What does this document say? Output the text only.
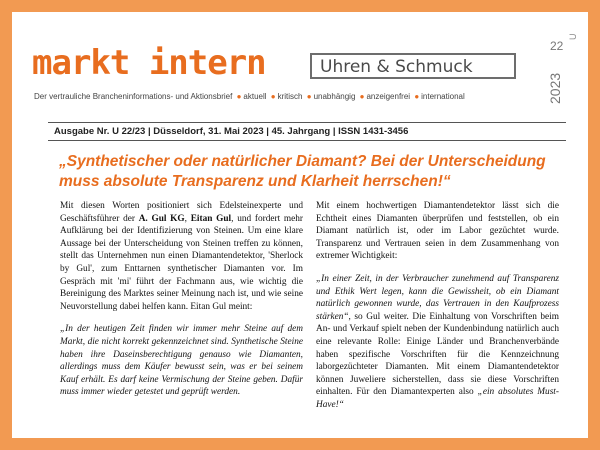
markt intern	Uhren & Schmuck
U
22
2023
Der vertrauliche Brancheninformations- und Aktionsbrief ● aktuell ● kritisch ● unabhängig ● anzeigenfrei ● international
Ausgabe Nr. U 22/23 | Düsseldorf, 31. Mai 2023 | 45. Jahrgang | ISSN 1431-3456
„Synthetischer oder natürlicher Diamant? Bei der Unterscheidung muss absolute Transparenz und Klarheit herrschen!“

Mit diesen Worten positioniert sich Edelsteinexperte und Geschäftsführer der A. Gul KG, Eitan Gul, und fordert mehr Aufklärung bei der Identifizierung von Steinen. Um eine klare Aussage bei der Unterscheidung von Steinen treffen zu können, stellt das Unternehmen nun einen Diamantendetektor, 'Sherlock by Gul', zum Enttarnen synthetischer Diamanten vor. Im Gespräch mit 'mi' führt der Fachmann aus, wie wichtig die Bereinigung des Marktes seiner Meinung nach ist, und wie seine Neuvorstellung dabei helfen kann. Eitan Gul meint:

„In der heutigen Zeit finden wir immer mehr Steine auf dem Markt, die nicht korrekt gekennzeichnet sind. Synthetische Steine haben ihre Daseinsberechtigung genauso wie Diamanten, allerdings muss dem Käufer bewusst sein, was er bei seinem Kauf erhält. Es darf keine Vermischung der Steine geben. Dafür muss immer wieder getestet und geprüft werden.

Mit einem hochwertigen Diamantendetektor lässt sich die Echtheit eines Diamanten überprüfen und feststellen, ob ein Diamant natürlich ist, oder im Labor gezüchtet wurde. Transparenz und Vertrauen seien in dem Zusammenhang von extremer Wichtigkeit:

„In einer Zeit, in der Verbraucher zunehmend auf Transparenz und Ethik Wert legen, kann die Gewissheit, ob ein Diamant natürlich gewonnen wurde, das Vertrauen in den Kaufprozess stärken“, so Gul weiter. Die Einhaltung von Vorschriften beim An- und Verkauf spielt neben der Kundenbindung natürlich auch eine relevante Rolle: Einige Länder und Branchenverbände haben spezifische Vorschriften für die Kennzeichnung laborgezüchteter Diamanten. Mit einem Diamantendetektor können Juweliere sicherstellen, dass sie diese Vorschriften einhalten. Für den Diamantexperten also „ein absolutes Must-Have!“
